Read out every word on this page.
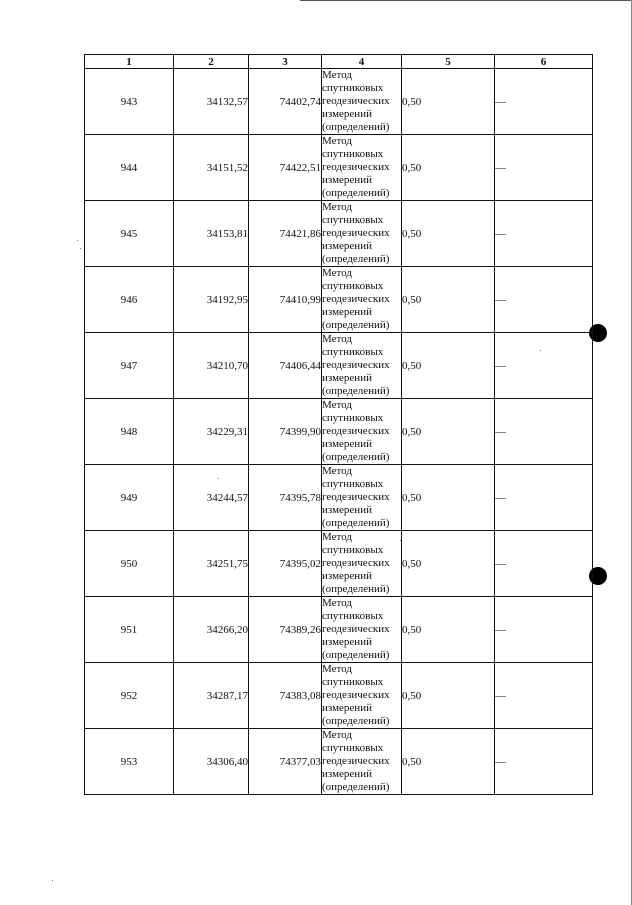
1	2	3	4	5	6
943	34132,57	74402,74	Метод
спутниковых
геодезических
измерений
(определений)	0,50	—
944	34151,52	74422,51	Метод
спутниковых
геодезических
измерений
(определений)	0,50	—
945	34153,81	74421,86	Метод
спутниковых
геодезических
измерений
(определений)	0,50	—
946	34192,95	74410,99	Метод
спутниковых
геодезических
измерений
(определений)	0,50	—
947	34210,70	74406,44	Метод
спутниковых
геодезических
измерений
(определений)	0,50	—
948	34229,31	74399,90	Метод
спутниковых
геодезических
измерений
(определений)	0,50	—
949	34244,57	74395,78	Метод
спутниковых
геодезических
измерений
(определений)	0,50	—
950	34251,75	74395,02	Метод
спутниковых
геодезических
измерений
(определений)	0,50	—
951	34266,20	74389,26	Метод
спутниковых
геодезических
измерений
(определений)	0,50	—
952	34287,17	74383,08	Метод
спутниковых
геодезических
измерений
(определений)	0,50	—
953	34306,40	74377,03	Метод
спутниковых
геодезических
измерений
(определений)	0,50	—
